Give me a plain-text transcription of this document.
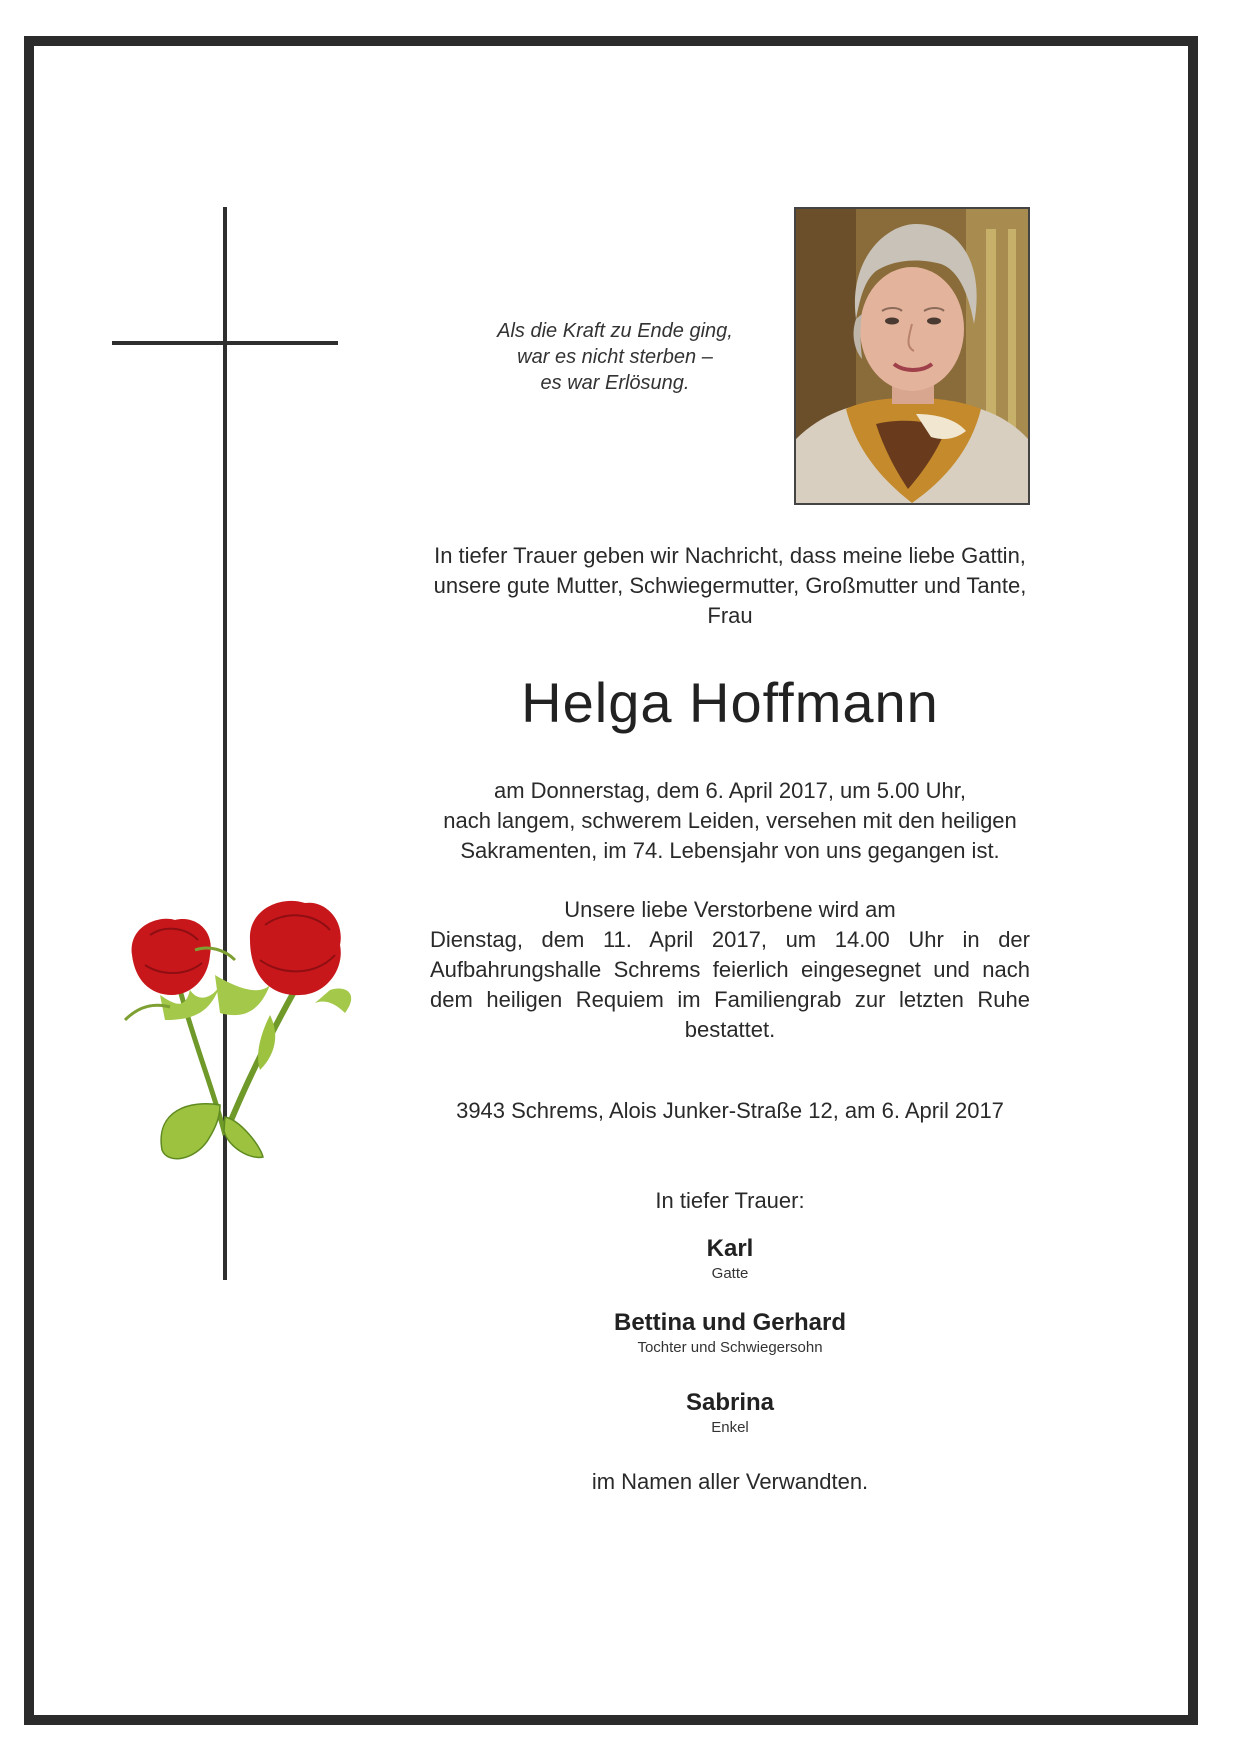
Als die Kraft zu Ende ging,
war es nicht sterben –
es war Erlösung.
In tiefer Trauer geben wir Nachricht, dass meine liebe Gattin,
unsere gute Mutter, Schwiegermutter, Großmutter und Tante,
Frau
Helga Hoffmann
am Donnerstag, dem 6. April 2017, um 5.00 Uhr,
nach langem, schwerem Leiden, versehen mit den heiligen
Sakramenten, im 74. Lebensjahr von uns gegangen ist.
Unsere liebe Verstorbene wird am
Dienstag, dem 11. April 2017, um 14.00 Uhr in der Aufbahrungshalle Schrems feierlich eingesegnet und nach dem heiligen Requiem im Familiengrab zur letzten Ruhe bestattet.
3943 Schrems, Alois Junker-Straße 12, am 6. April 2017
In tiefer Trauer:
Karl
Gatte
Bettina und Gerhard
Tochter und Schwiegersohn
Sabrina
Enkel
im Namen aller Verwandten.
